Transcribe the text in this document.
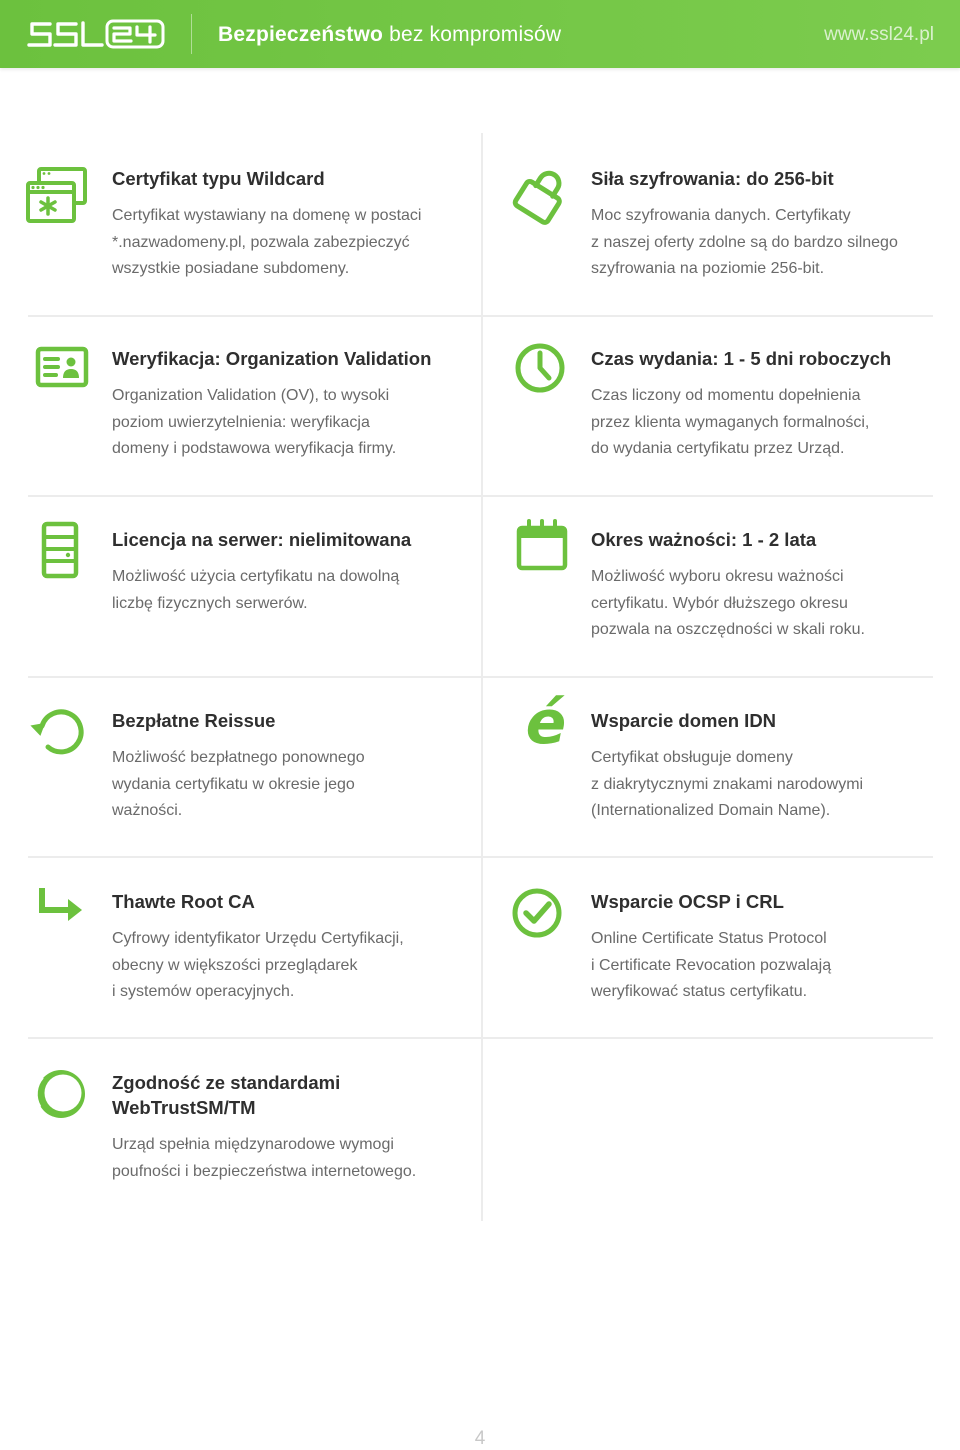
Bezpieczeństwo bez kompromisów	www.ssl24.pl
Certyfikat typu Wildcard
Certyfikat wystawiany na domenę w postaci
*.nazwadomeny.pl, pozwala zabezpieczyć
wszystkie posiadane subdomeny.
Siła szyfrowania: do 256-bit
Moc szyfrowania danych. Certyfikaty
z naszej oferty zdolne są do bardzo silnego
szyfrowania na poziomie 256-bit.
Weryfikacja: Organization Validation
Organization Validation (OV), to wysoki
poziom uwierzytelnienia: weryfikacja
domeny i podstawowa weryfikacja firmy.
Czas wydania: 1 - 5 dni roboczych
Czas liczony od momentu dopełnienia
przez klienta wymaganych formalności,
do wydania certyfikatu przez Urząd.
Licencja na serwer: nielimitowana
Możliwość użycia certyfikatu na dowolną
liczbę fizycznych serwerów.
Okres ważności: 1 - 2 lata
Możliwość wyboru okresu ważności
certyfikatu. Wybór dłuższego okresu
pozwala na oszczędności w skali roku.
Bezpłatne Reissue
Możliwość bezpłatnego ponownego
wydania certyfikatu w okresie jego
ważności.
é	Wsparcie domen IDN
Certyfikat obsługuje domeny
z diakrytycznymi znakami narodowymi
(Internationalized Domain Name).
Thawte Root CA
Cyfrowy identyfikator Urzędu Certyfikacji,
obecny w większości przeglądarek
i systemów operacyjnych.
Wsparcie OCSP i CRL
Online Certificate Status Protocol
i Certificate Revocation pozwalają
weryfikować status certyfikatu.
Zgodność ze standardami
WebTrustSM/TM
Urząd spełnia międzynarodowe wymogi
poufności i bezpieczeństwa internetowego.
4
